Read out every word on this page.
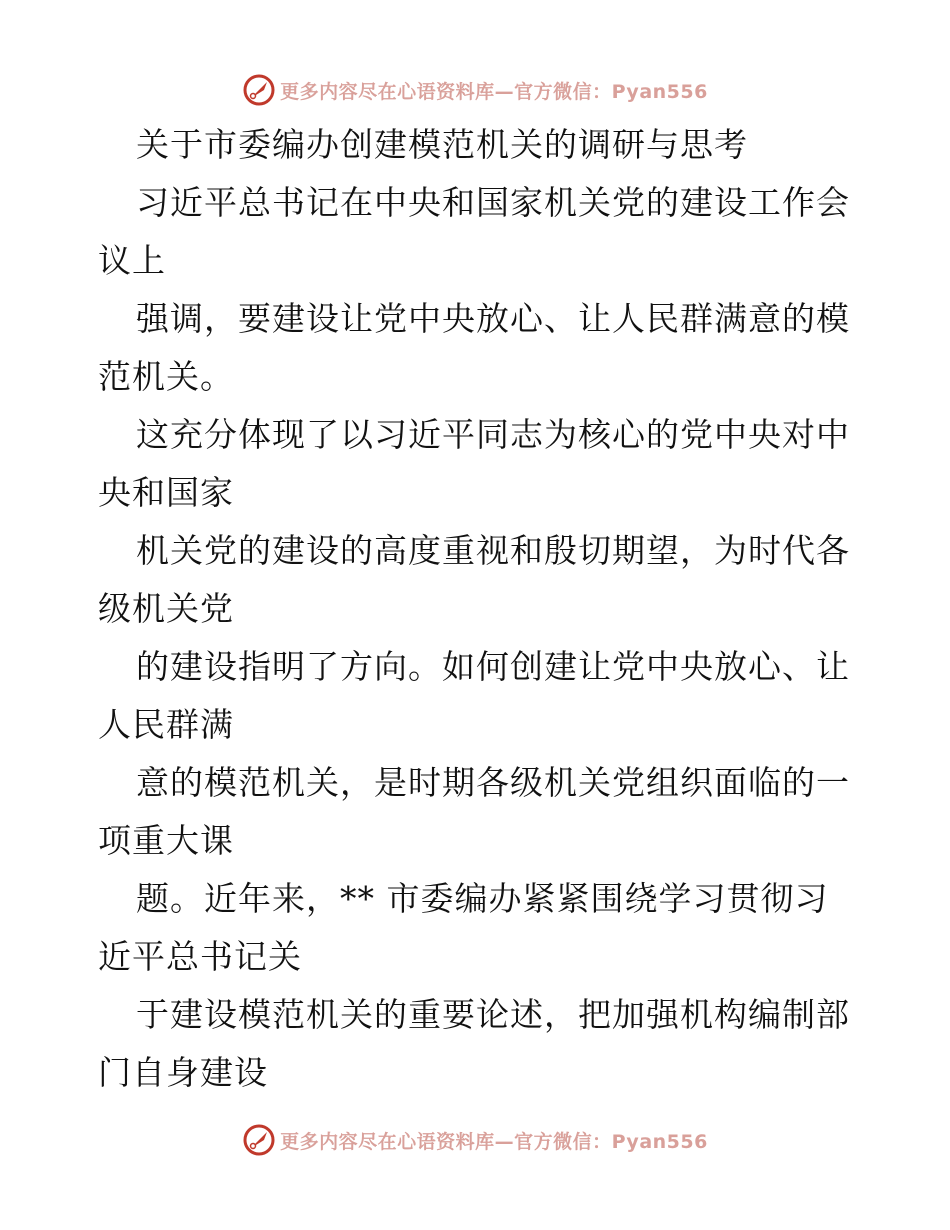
更多内容尽在心语资料库—官方微信：Pyan556
关于市委编办创建模范机关的调研与思考
习近平总书记在中央和国家机关党的建设工作会
议上
强调，要建设让党中央放心、让人民群满意的模
范机关。
这充分体现了以习近平同志为核心的党中央对中
央和国家
机关党的建设的高度重视和殷切期望，为时代各
级机关党
的建设指明了方向。如何创建让党中央放心、让
人民群满
意的模范机关，是时期各级机关党组织面临的一
项重大课
题。近年来，** 市委编办紧紧围绕学习贯彻习
近平总书记关
于建设模范机关的重要论述，把加强机构编制部
门自身建设
更多内容尽在心语资料库—官方微信：Pyan556
